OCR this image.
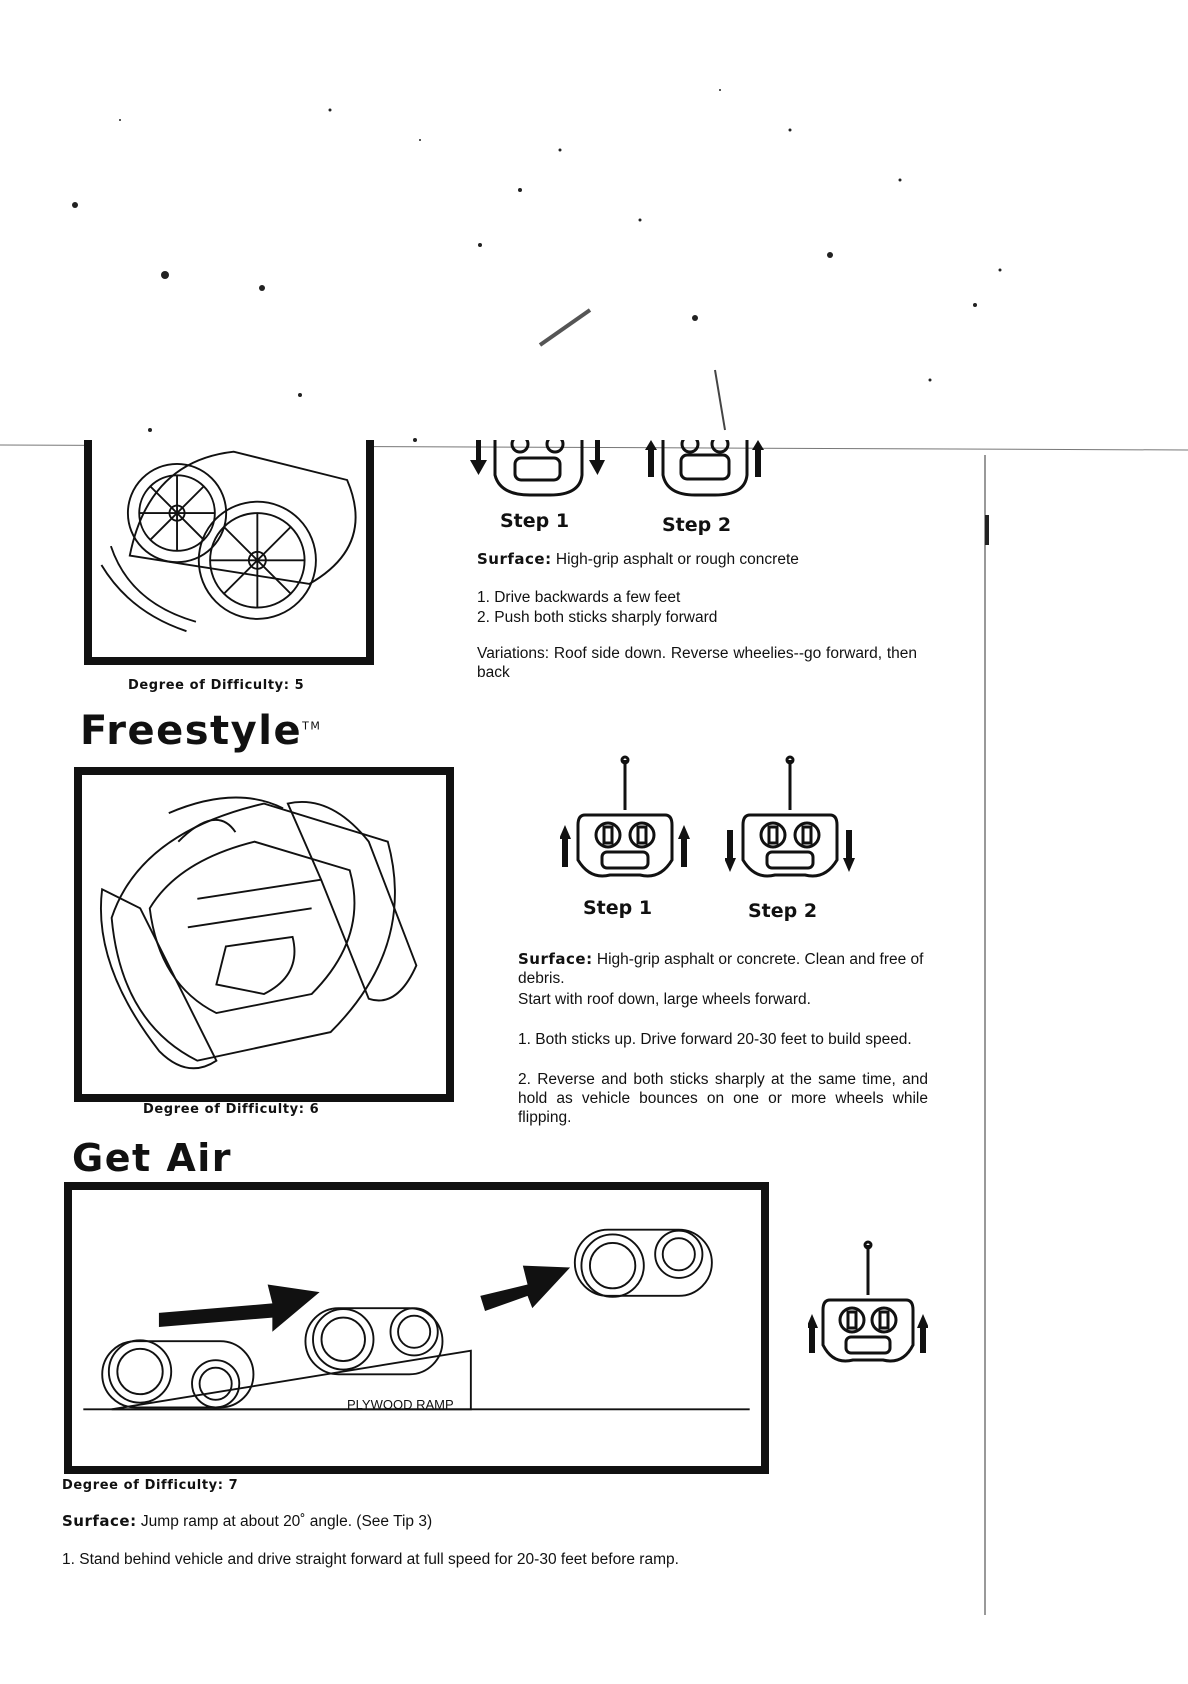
Degree of Difficulty: 5
Step 1	Step 2
Surface: High-grip asphalt or rough concrete
1. Drive backwards a few feet
2. Push both sticks sharply forward
Variations: Roof side down. Reverse wheelies--go forward, then back
Freestyle™
Degree of Difficulty: 6
Step 1	Step 2
Surface: High-grip asphalt or concrete. Clean and free of debris.
Start with roof down, large wheels forward.
1. Both sticks up. Drive forward 20-30 feet to build speed.
2. Reverse and both sticks sharply at the same time, and hold as vehicle bounces on one or more wheels while flipping.
Get Air
PLYWOOD RAMP
Degree of Difficulty: 7
Surface: Jump ramp at about 20˚ angle. (See Tip 3)
1. Stand behind vehicle and drive straight forward at full speed for 20-30 feet before ramp.
